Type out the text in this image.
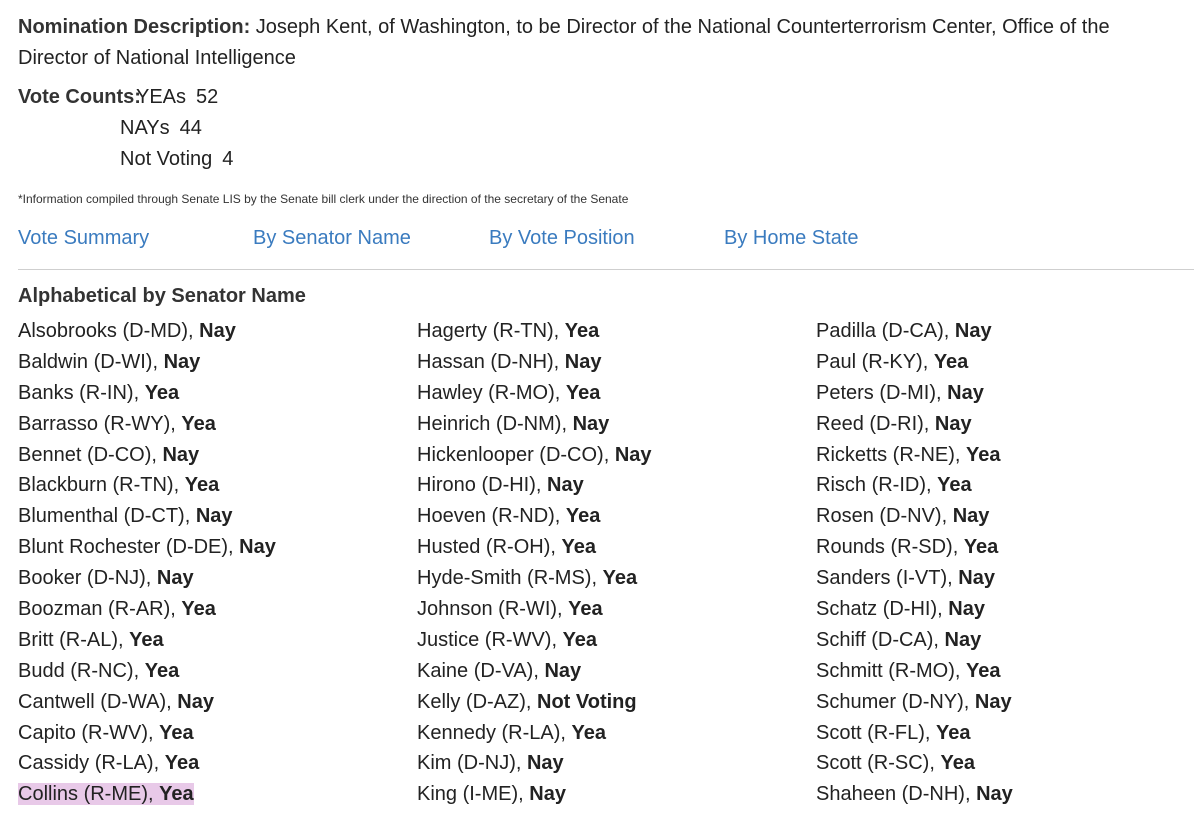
Nomination Description: Joseph Kent, of Washington, to be Director of the National Counterterrorism Center, Office of the Director of National Intelligence
Vote Counts:
YEAs 52
NAYs 44
Not Voting 4
*Information compiled through Senate LIS by the Senate bill clerk under the direction of the secretary of the Senate
Vote Summary	By Senator Name	By Vote Position	By Home State
Alphabetical by Senator Name
Alsobrooks (D-MD), Nay
Baldwin (D-WI), Nay
Banks (R-IN), Yea
Barrasso (R-WY), Yea
Bennet (D-CO), Nay
Blackburn (R-TN), Yea
Blumenthal (D-CT), Nay
Blunt Rochester (D-DE), Nay
Booker (D-NJ), Nay
Boozman (R-AR), Yea
Britt (R-AL), Yea
Budd (R-NC), Yea
Cantwell (D-WA), Nay
Capito (R-WV), Yea
Cassidy (R-LA), Yea
Collins (R-ME), Yea
Hagerty (R-TN), Yea
Hassan (D-NH), Nay
Hawley (R-MO), Yea
Heinrich (D-NM), Nay
Hickenlooper (D-CO), Nay
Hirono (D-HI), Nay
Hoeven (R-ND), Yea
Husted (R-OH), Yea
Hyde-Smith (R-MS), Yea
Johnson (R-WI), Yea
Justice (R-WV), Yea
Kaine (D-VA), Nay
Kelly (D-AZ), Not Voting
Kennedy (R-LA), Yea
Kim (D-NJ), Nay
King (I-ME), Nay
Padilla (D-CA), Nay
Paul (R-KY), Yea
Peters (D-MI), Nay
Reed (D-RI), Nay
Ricketts (R-NE), Yea
Risch (R-ID), Yea
Rosen (D-NV), Nay
Rounds (R-SD), Yea
Sanders (I-VT), Nay
Schatz (D-HI), Nay
Schiff (D-CA), Nay
Schmitt (R-MO), Yea
Schumer (D-NY), Nay
Scott (R-FL), Yea
Scott (R-SC), Yea
Shaheen (D-NH), Nay
